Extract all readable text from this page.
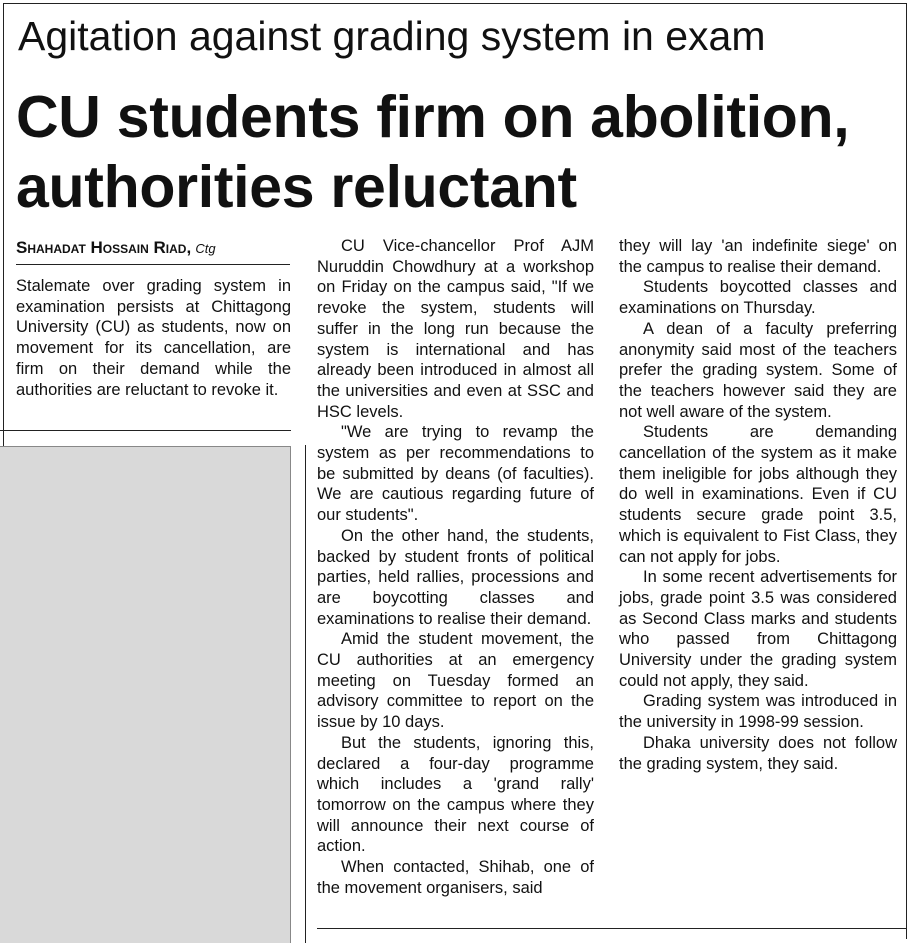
Agitation against grading system in exam
CU students firm on abolition,
authorities reluctant
Shahadat Hossain Riad, Ctg
Stalemate over grading system in examination persists at Chittagong University (CU) as students, now on movement for its cancellation, are firm on their demand while the authorities are reluctant to revoke it.

CU Vice-chancellor Prof AJM Nuruddin Chowdhury at a workshop on Friday on the campus said, "If we revoke the system, students will suffer in the long run because the system is international and has already been introduced in almost all the universities and even at SSC and HSC levels.

"We are trying to revamp the system as per recommendations to be submitted by deans (of faculties). We are cautious regarding future of our students".

On the other hand, the students, backed by student fronts of political parties, held rallies, processions and are boycotting classes and examinations to realise their demand.

Amid the student movement, the CU authorities at an emergency meeting on Tuesday formed an advisory committee to report on the issue by 10 days.

But the students, ignoring this, declared a four-day programme which includes a 'grand rally' tomorrow on the campus where they will announce their next course of action.

When contacted, Shihab, one of the movement organisers, said

they will lay 'an indefinite siege' on the campus to realise their demand.

Students boycotted classes and examinations on Thursday.

A dean of a faculty preferring anonymity said most of the teachers prefer the grading system. Some of the teachers however said they are not well aware of the system.

Students are demanding cancellation of the system as it make them ineligible for jobs although they do well in examinations. Even if CU students secure grade point 3.5, which is equivalent to Fist Class, they can not apply for jobs.

In some recent advertisements for jobs, grade point 3.5 was considered as Second Class marks and students who passed from Chittagong University under the grading system could not apply, they said.

Grading system was introduced in the university in 1998-99 session.

Dhaka university does not follow the grading system, they said.
